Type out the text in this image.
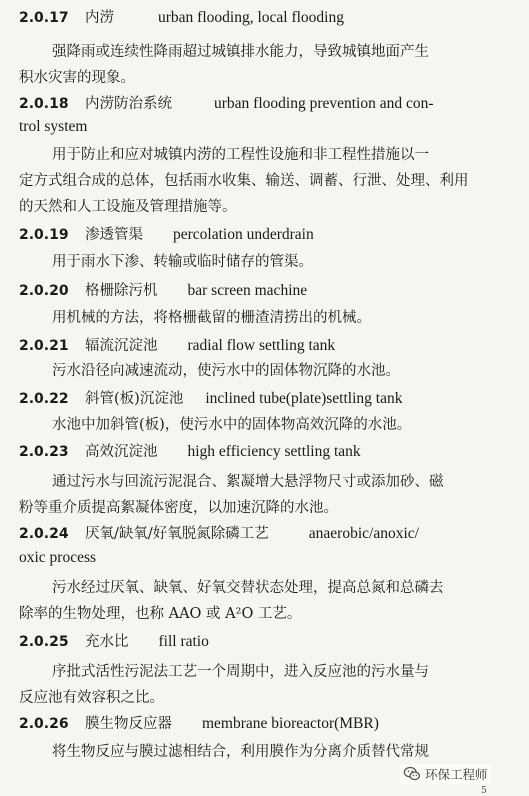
2.0.17 内涝	urban flooding, local flooding
强降雨或连续性降雨超过城镇排水能力，导致城镇地面产生
积水灾害的现象。
2.0.18 内涝防治系统	urban flooding prevention and con-
trol system
用于防止和应对城镇内涝的工程性设施和非工程性措施以一
定方式组合成的总体，包括雨水收集、输送、调蓄、行泄、处理、利用
的天然和人工设施及管理措施等。
2.0.19 渗透管渠 percolation underdrain
用于雨水下渗、转输或临时储存的管渠。
2.0.20 格栅除污机 bar screen machine
用机械的方法，将格栅截留的栅渣清捞出的机械。
2.0.21 辐流沉淀池 radial flow settling tank
污水沿径向减速流动，使污水中的固体物沉降的水池。
2.0.22 斜管(板)沉淀池 inclined tube(plate)settling tank
水池中加斜管(板)，使污水中的固体物高效沉降的水池。
2.0.23 高效沉淀池 high efficiency settling tank
通过污水与回流污泥混合、絮凝增大悬浮物尺寸或添加砂、磁
粉等重介质提高絮凝体密度，以加速沉降的水池。
2.0.24 厌氧/缺氧/好氧脱氮除磷工艺	anaerobic/anoxic/
oxic process
污水经过厌氧、缺氧、好氧交替状态处理，提高总氮和总磷去
除率的生物处理，也称 AAO 或 A²O 工艺。
2.0.25 充水比 fill ratio
序批式活性污泥法工艺一个周期中，进入反应池的污水量与
反应池有效容积之比。
2.0.26 膜生物反应器 membrane bioreactor(MBR)
将生物反应与膜过滤相结合，利用膜作为分离介质替代常规
环保工程师
5
